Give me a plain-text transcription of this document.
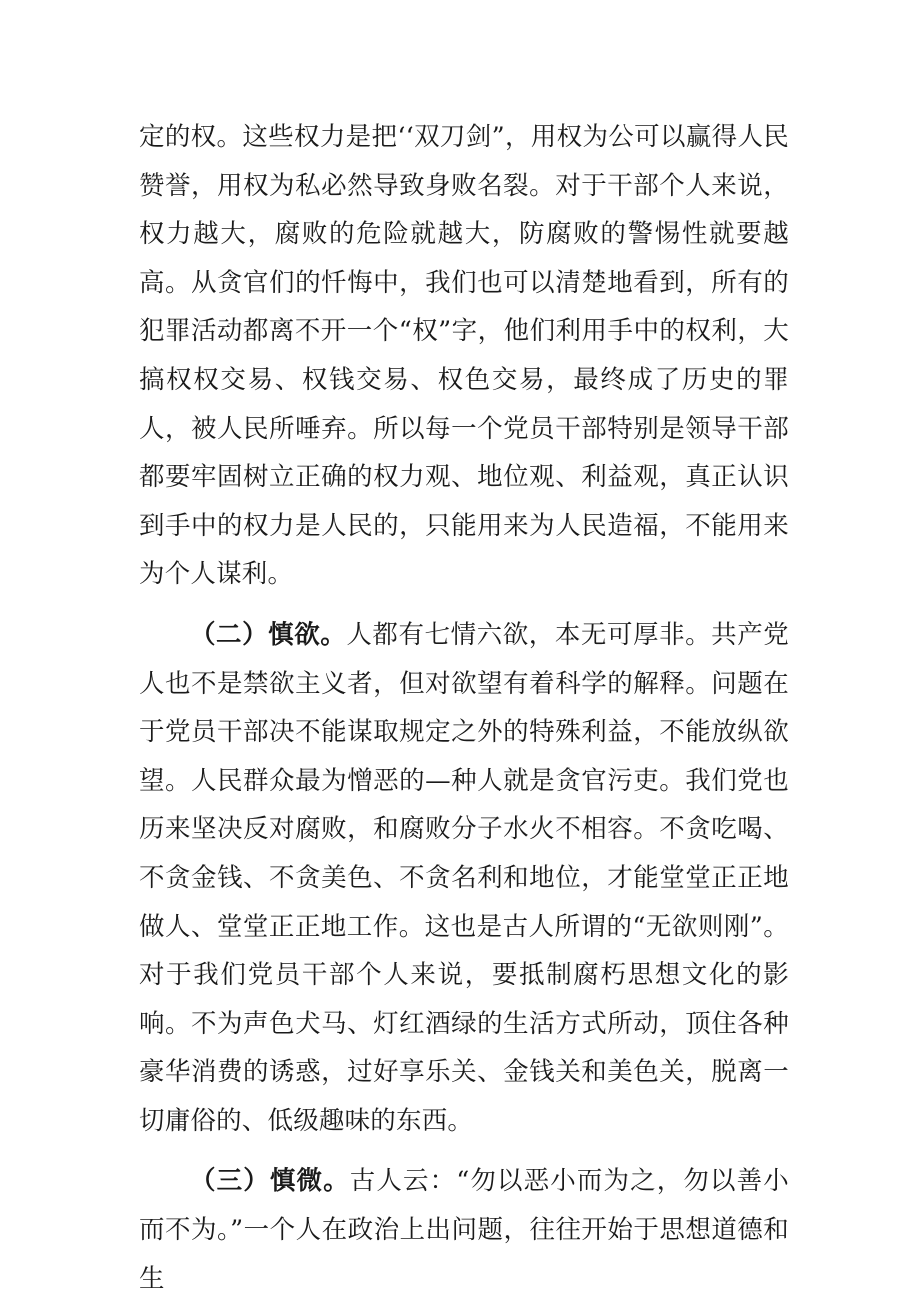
定的权。这些权力是把‘‘双刀剑”，用权为公可以赢得人民赞誉，用权为私必然导致身败名裂。对于干部个人来说，权力越大，腐败的危险就越大，防腐败的警惕性就要越高。从贪官们的忏悔中，我们也可以清楚地看到，所有的犯罪活动都离不开一个“权”字，他们利用手中的权利，大搞权权交易、权钱交易、权色交易，最终成了历史的罪人，被人民所唾弃。所以每一个党员干部特别是领导干部都要牢固树立正确的权力观、地位观、利益观，真正认识到手中的权力是人民的，只能用来为人民造福，不能用来为个人谋利。

（二）慎欲。人都有七情六欲，本无可厚非。共产党人也不是禁欲主义者，但对欲望有着科学的解释。问题在于党员干部决不能谋取规定之外的特殊利益，不能放纵欲望。人民群众最为憎恶的—种人就是贪官污吏。我们党也历来坚决反对腐败，和腐败分子水火不相容。不贪吃喝、不贪金钱、不贪美色、不贪名利和地位，才能堂堂正正地做人、堂堂正正地工作。这也是古人所谓的“无欲则刚”。对于我们党员干部个人来说，要抵制腐朽思想文化的影响。不为声色犬马、灯红酒绿的生活方式所动，顶住各种豪华消费的诱惑，过好享乐关、金钱关和美色关，脱离一切庸俗的、低级趣味的东西。

（三）慎微。古人云：“勿以恶小而为之，勿以善小而不为。”一个人在政治上出问题，往往开始于思想道德和生
